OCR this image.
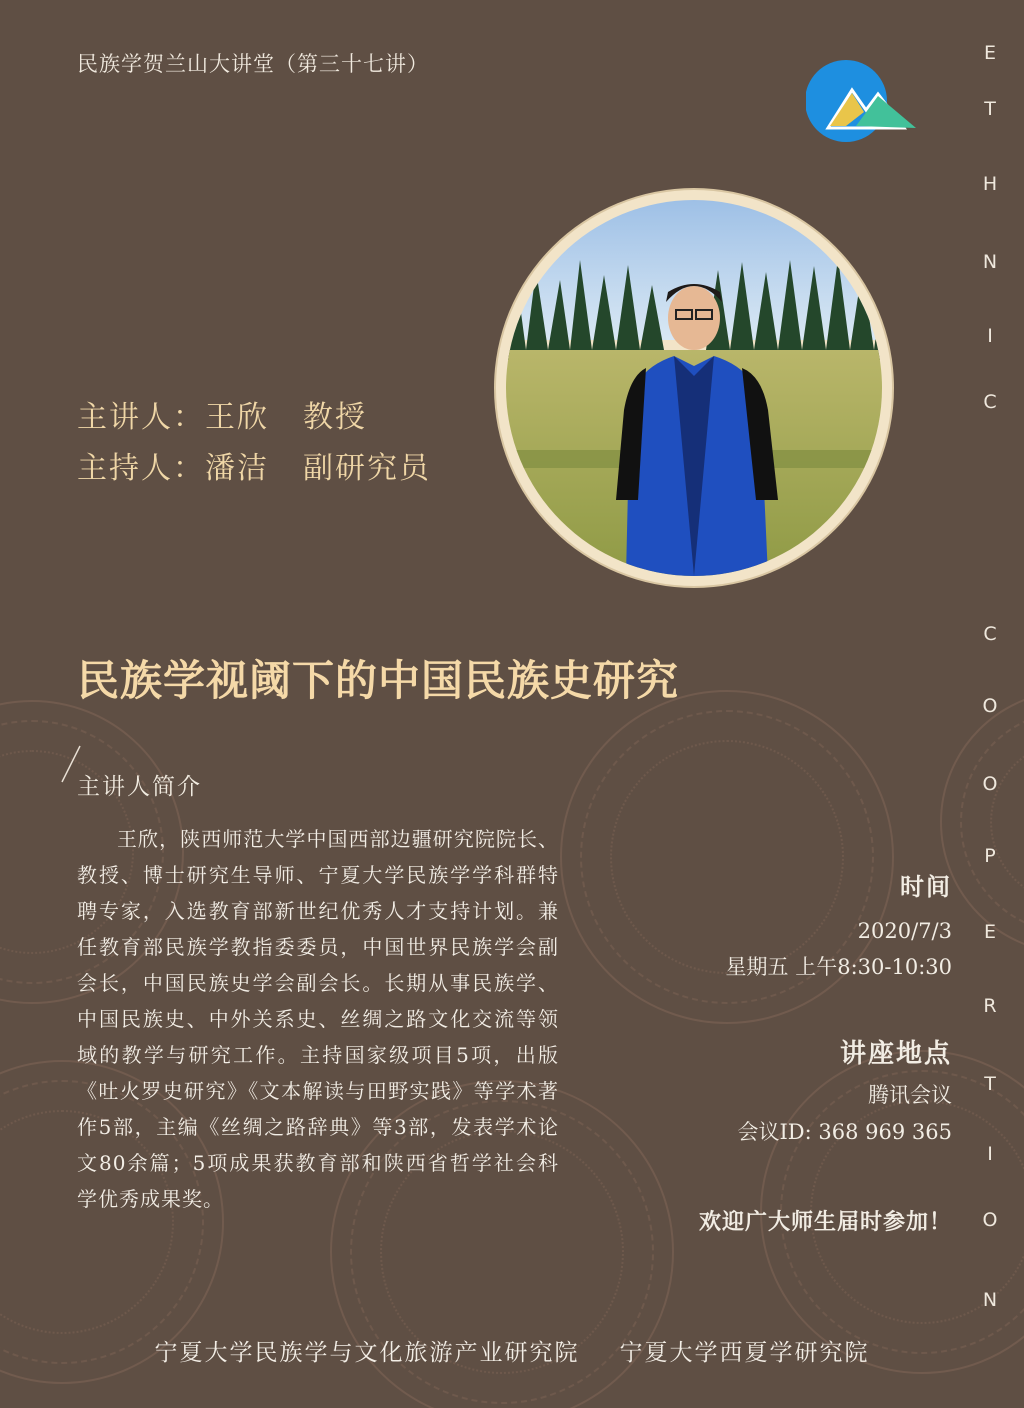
民族学贺兰山大讲堂（第三十七讲）	E
T
H
N
I
C
C
O
O
P
E
R
T
I
O
N
主讲人：王欣 教授
主持人：潘洁 副研究员
民族学视阈下的中国民族史研究
主讲人简介
王欣，陕西师范大学中国西部边疆研究院院长、教授、博士研究生导师、宁夏大学民族学学科群特聘专家，入选教育部新世纪优秀人才支持计划。兼任教育部民族学教指委委员，中国世界民族学会副会长，中国民族史学会副会长。长期从事民族学、中国民族史、中外关系史、丝绸之路文化交流等领域的教学与研究工作。主持国家级项目5项，出版《吐火罗史研究》《文本解读与田野实践》等学术著作5部，主编《丝绸之路辞典》等3部，发表学术论文80余篇；5项成果获教育部和陕西省哲学社会科学优秀成果奖。
时间
2020/7/3
星期五 上午8:30-10:30
讲座地点
腾讯会议
会议ID: 368 969 365
欢迎广大师生届时参加！
宁夏大学民族学与文化旅游产业研究院 宁夏大学西夏学研究院
